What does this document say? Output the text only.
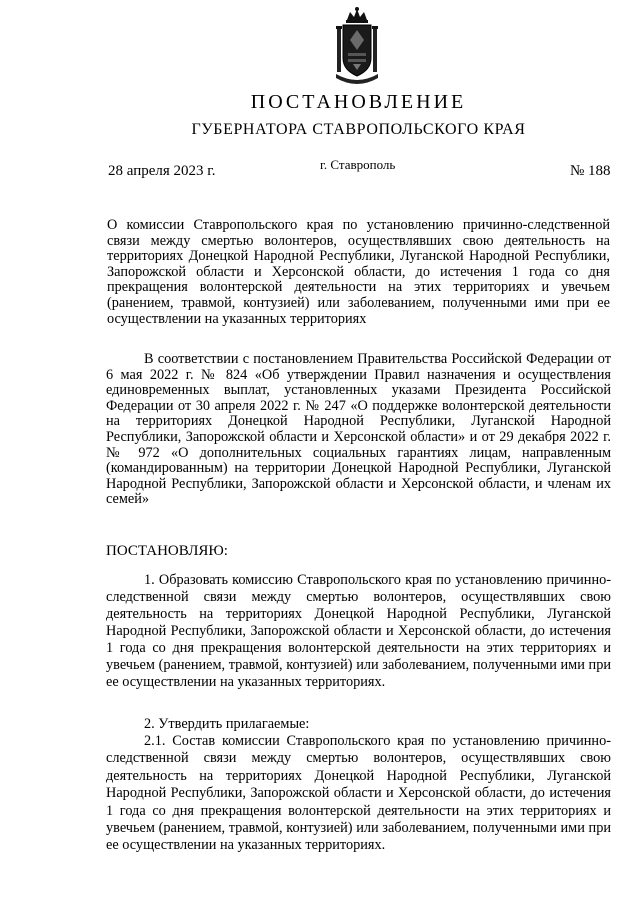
ПОСТАНОВЛЕНИЕ
ГУБЕРНАТОРА СТАВРОПОЛЬСКОГО КРАЯ
28 апреля 2023 г.	г. Ставрополь	№ 188

О комиссии Ставропольского края по установлению причинно-следственной связи между смертью волонтеров, осуществлявших свою деятельность на территориях Донецкой Народной Республики, Луганской Народной Республики, Запорожской области и Херсонской области, до истечения 1 года со дня прекращения волонтерской деятельности на этих территориях и увечьем (ранением, травмой, контузией) или заболеванием, полученными ими при ее осуществлении на указанных территориях

В соответствии с постановлением Правительства Российской Федерации от 6 мая 2022 г. № 824 «Об утверждении Правил назначения и осуществления единовременных выплат, установленных указами Президента Российской Федерации от 30 апреля 2022 г. № 247 «О поддержке волонтерской деятельности на территориях Донецкой Народной Республики, Луганской Народной Республики, Запорожской области и Херсонской области» и от 29 декабря 2022 г. № 972 «О дополнительных социальных гарантиях лицам, направленным (командированным) на территории Донецкой Народной Республики, Луганской Народной Республики, Запорожской области и Херсонской области, и членам их семей»

ПОСТАНОВЛЯЮ:

1. Образовать комиссию Ставропольского края по установлению причинно-следственной связи между смертью волонтеров, осуществлявших свою деятельность на территориях Донецкой Народной Республики, Луганской Народной Республики, Запорожской области и Херсонской области, до истечения 1 года со дня прекращения волонтерской деятельности на этих территориях и увечьем (ранением, травмой, контузией) или заболеванием, полученными ими при ее осуществлении на указанных территориях.

2. Утвердить прилагаемые:

2.1. Состав комиссии Ставропольского края по установлению причинно-следственной связи между смертью волонтеров, осуществлявших свою деятельность на территориях Донецкой Народной Республики, Луганской Народной Республики, Запорожской области и Херсонской области, до истечения 1 года со дня прекращения волонтерской деятельности на этих территориях и увечьем (ранением, травмой, контузией) или заболеванием, полученными ими при ее осуществлении на указанных территориях.
